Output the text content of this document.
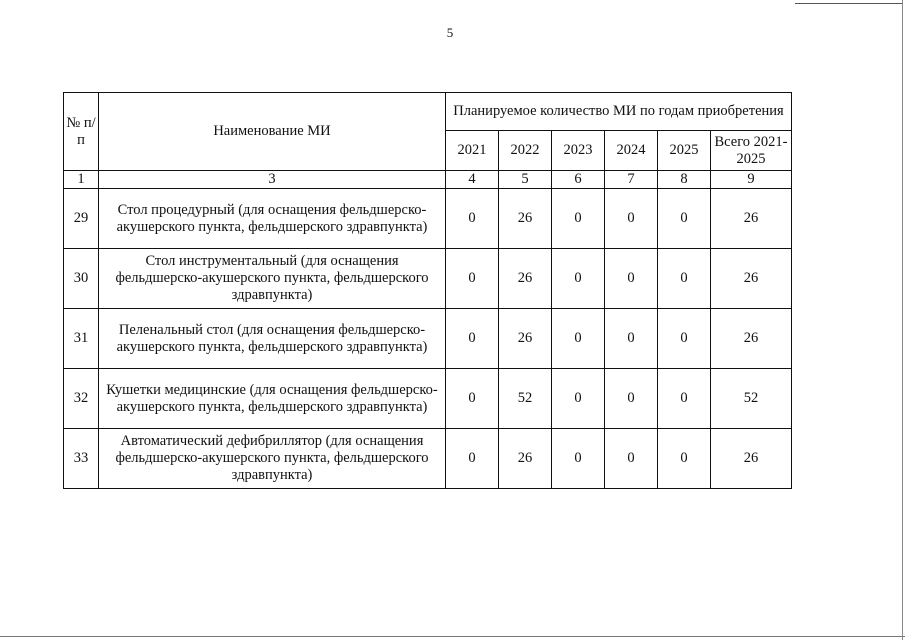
5
№ п/п	Наименование МИ	Планируемое количество МИ по годам приобретения					
		2021	2022	2023	2024	2025	Всего 2021-2025
1	3	4	5	6	7	8	9
29	Стол процедурный (для оснащения фельдшерско-акушерского пункта, фельдшерского здравпункта)	0	26	0	0	0	26
30	Стол инструментальный (для оснащения фельдшерско-акушерского пункта, фельдшерского здравпункта)	0	26	0	0	0	26
31	Пеленальный стол (для оснащения фельдшерско-акушерского пункта, фельдшерского здравпункта)	0	26	0	0	0	26
32	Кушетки медицинские (для оснащения фельдшерско-акушерского пункта, фельдшерского здравпункта)	0	52	0	0	0	52
33	Автоматический дефибриллятор (для оснащения фельдшерско-акушерского пункта, фельдшерского здравпункта)	0	26	0	0	0	26
